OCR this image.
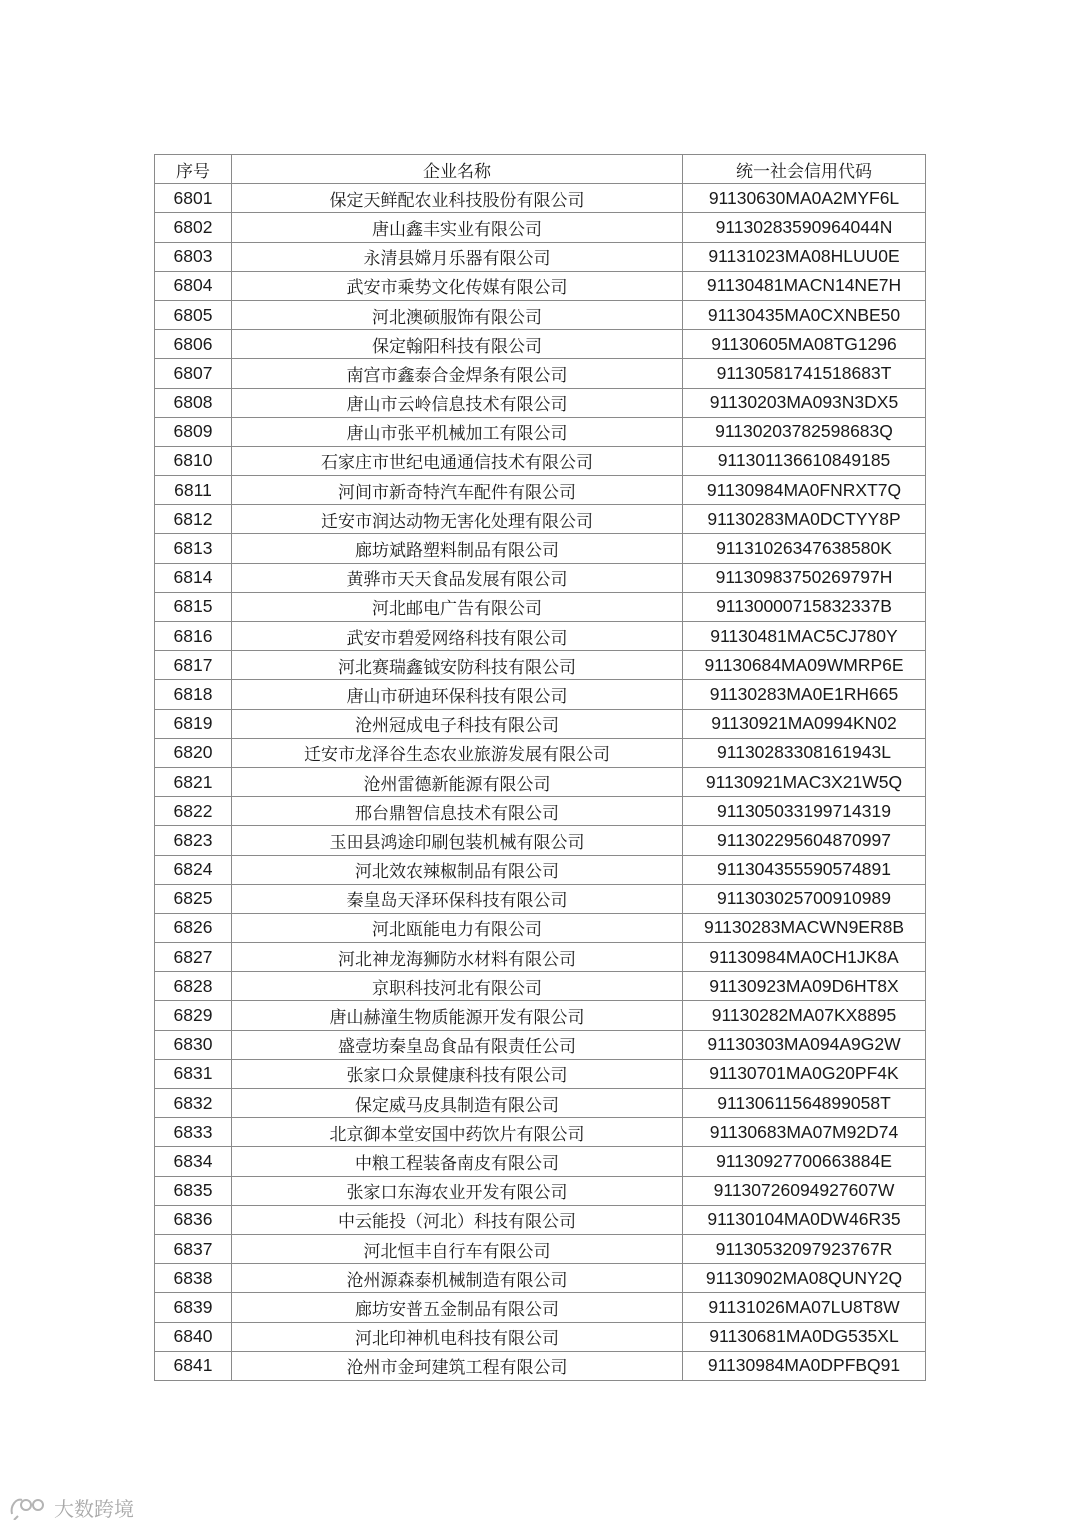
序号	企业名称	统一社会信用代码
6801	保定天鲜配农业科技股份有限公司	91130630MA0A2MYF6L
6802	唐山鑫丰实业有限公司	91130283590964044N
6803	永清县嫦月乐器有限公司	91131023MA08HLUU0E
6804	武安市乘势文化传媒有限公司	91130481MACN14NE7H
6805	河北澳硕服饰有限公司	91130435MA0CXNBE50
6806	保定翰阳科技有限公司	91130605MA08TG1296
6807	南宫市鑫泰合金焊条有限公司	91130581741518683T
6808	唐山市云岭信息技术有限公司	91130203MA093N3DX5
6809	唐山市张平机械加工有限公司	91130203782598683Q
6810	石家庄市世纪电通通信技术有限公司	911301136610849185
6811	河间市新奇特汽车配件有限公司	91130984MA0FNRXT7Q
6812	迁安市润达动物无害化处理有限公司	91130283MA0DCTYY8P
6813	廊坊斌路塑料制品有限公司	91131026347638580K
6814	黄骅市天天食品发展有限公司	91130983750269797H
6815	河北邮电广告有限公司	91130000715832337B
6816	武安市碧爱网络科技有限公司	91130481MAC5CJ780Y
6817	河北赛瑞鑫钺安防科技有限公司	91130684MA09WMRP6E
6818	唐山市研迪环保科技有限公司	91130283MA0E1RH665
6819	沧州冠成电子科技有限公司	91130921MA0994KN02
6820	迁安市龙泽谷生态农业旅游发展有限公司	91130283308161943L
6821	沧州雷德新能源有限公司	91130921MAC3X21W5Q
6822	邢台鼎智信息技术有限公司	911305033199714319
6823	玉田县鸿途印刷包装机械有限公司	911302295604870997
6824	河北效农辣椒制品有限公司	911304355590574891
6825	秦皇岛天泽环保科技有限公司	911303025700910989
6826	河北瓯能电力有限公司	91130283MACWN9ER8B
6827	河北神龙海狮防水材料有限公司	91130984MA0CH1JK8A
6828	京职科技河北有限公司	91130923MA09D6HT8X
6829	唐山赫潼生物质能源开发有限公司	91130282MA07KX8895
6830	盛壹坊秦皇岛食品有限责任公司	91130303MA094A9G2W
6831	张家口众景健康科技有限公司	91130701MA0G20PF4K
6832	保定威马皮具制造有限公司	91130611564899058T
6833	北京御本堂安国中药饮片有限公司	91130683MA07M92D74
6834	中粮工程装备南皮有限公司	91130927700663884E
6835	张家口东海农业开发有限公司	91130726094927607W
6836	中云能投（河北）科技有限公司	91130104MA0DW46R35
6837	河北恒丰自行车有限公司	91130532097923767R
6838	沧州源森泰机械制造有限公司	91130902MA08QUNY2Q
6839	廊坊安普五金制品有限公司	91131026MA07LU8T8W
6840	河北印神机电科技有限公司	91130681MA0DG535XL
6841	沧州市金珂建筑工程有限公司	91130984MA0DPFBQ91
大数跨境
